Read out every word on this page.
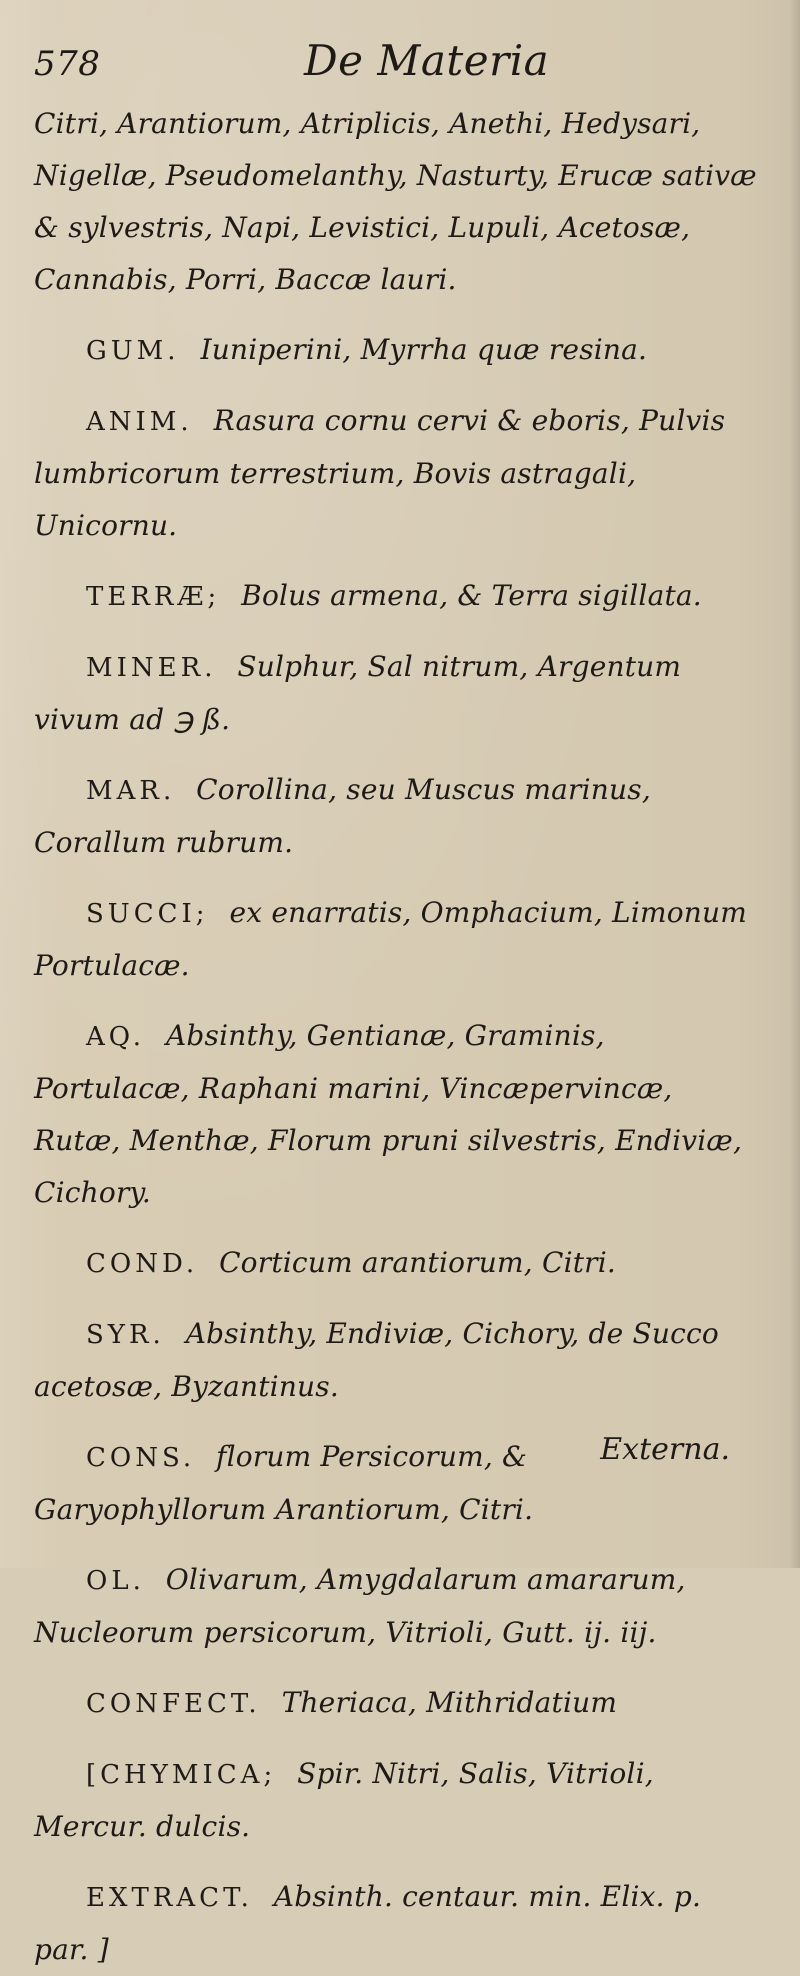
578	De Materia

Citri, Arantiorum, Atriplicis, Anethi, Hedysari, Nigellæ, Pseudomelanthy, Nasturty, Erucæ sativæ & sylvestris, Napi, Levistici, Lupuli, Acetosæ, Cannabis, Porri, Baccæ lauri.

GUM. Iuniperini, Myrrha quæ resina.

ANIM. Rasura cornu cervi & eboris, Pulvis lumbricorum terrestrium, Bovis astragali, Unicornu.

TERRÆ; Bolus armena, & Terra sigillata.

MINER. Sulphur, Sal nitrum, Argentum vivum ad ℈ ß.

MAR. Corollina, seu Muscus marinus, Corallum rubrum.

SUCCI; ex enarratis, Omphacium, Limonum Portulacæ.

AQ. Absinthy, Gentianæ, Graminis, Portulacæ, Raphani marini, Vincæpervincæ, Rutæ, Menthæ, Florum pruni silvestris, Endiviæ, Cichory.

COND. Corticum arantiorum, Citri.

SYR. Absinthy, Endiviæ, Cichory, de Succo acetosæ, Byzantinus.

CONS. florum Persicorum, & Garyophyllorum Arantiorum, Citri.

OL. Olivarum, Amygdalarum amararum, Nucleorum persicorum, Vitrioli, Gutt. ij. iij.

CONFECT. Theriaca, Mithridatium

[CHYMICA; Spir. Nitri, Salis, Vitrioli, Mercur. dulcis.

EXTRACT. Absinth. centaur. min. Elix. p. par. ]

Externa.
